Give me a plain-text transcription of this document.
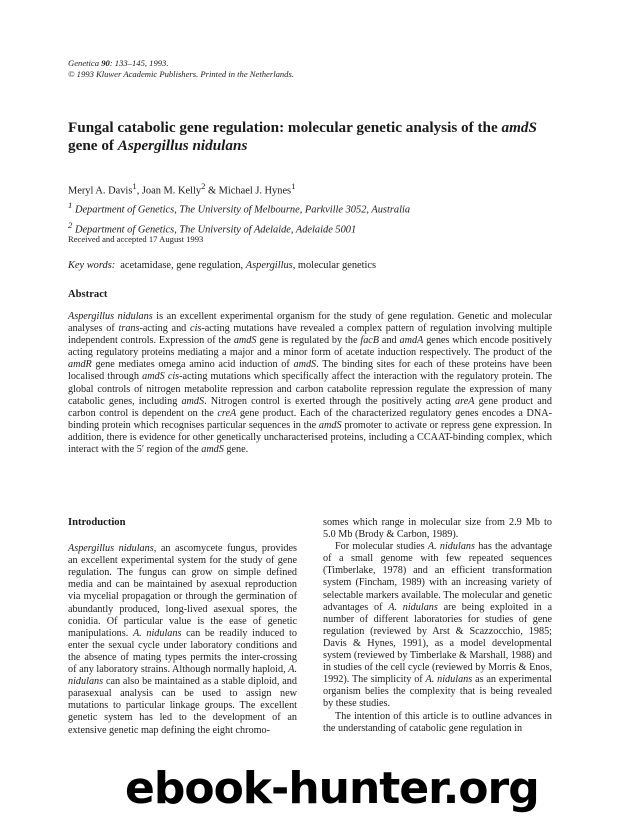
Genetica 90: 133–145, 1993.
© 1993 Kluwer Academic Publishers. Printed in the Netherlands.
Fungal catabolic gene regulation: molecular genetic analysis of the amdS gene of Aspergillus nidulans
Meryl A. Davis$^1$, Joan M. Kelly$^2$ & Michael J. Hynes$^1$
$^1$ Department of Genetics, The University of Melbourne, Parkville 3052, Australia
$^2$ Department of Genetics, The University of Adelaide, Adelaide 5001
Received and accepted 17 August 1993
Key words: acetamidase, gene regulation, Aspergillus, molecular genetics
Abstract
Aspergillus nidulans is an excellent experimental organism for the study of gene regulation. Genetic and molecular analyses of trans-acting and cis-acting mutations have revealed a complex pattern of regulation involving multiple independent controls. Expression of the amdS gene is regulated by the facB and amdA genes which encode positively acting regulatory proteins mediating a major and a minor form of acetate induction respectively. The product of the amdR gene mediates omega amino acid induction of amdS. The binding sites for each of these proteins have been localised through amdS cis-acting mutations which specifically affect the interaction with the regulatory protein. The global controls of nitrogen metabolite repression and carbon catabolite repression regulate the expression of many catabolic genes, including amdS. Nitrogen control is exerted through the positively acting areA gene product and carbon control is dependent on the creA gene product. Each of the characterized regulatory genes encodes a DNA-binding protein which recognises particular sequences in the amdS promoter to activate or repress gene expression. In addition, there is evidence for other genetically uncharacterised proteins, including a CCAAT-binding complex, which interact with the 5′ region of the amdS gene.
Introduction

Aspergillus nidulans, an ascomycete fungus, provides an excellent experimental system for the study of gene regulation. The fungus can grow on simple defined media and can be maintained by asexual reproduction via mycelial propagation or through the germination of abundantly produced, long-lived asexual spores, the conidia. Of particular value is the ease of genetic manipulations. A. nidulans can be readily induced to enter the sexual cycle under laboratory conditions and the absence of mating types permits the inter-crossing of any laboratory strains. Although normally haploid, A. nidulans can also be maintained as a stable diploid, and parasexual analysis can be used to assign new mutations to particular linkage groups. The excellent genetic system has led to the development of an extensive genetic map defining the eight chromo-

somes which range in molecular size from 2.9 Mb to 5.0 Mb (Brody & Carbon, 1989).

For molecular studies A. nidulans has the advantage of a small genome with few repeated sequences (Timberlake, 1978) and an efficient transformation system (Fincham, 1989) with an increasing variety of selectable markers available. The molecular and genetic advantages of A. nidulans are being exploited in a number of different laboratories for studies of gene regulation (reviewed by Arst & Scazzocchio, 1985; Davis & Hynes, 1991), as a model developmental system (reviewed by Timberlake & Marshall, 1988) and in studies of the cell cycle (reviewed by Morris & Enos, 1992). The simplicity of A. nidulans as an experimental organism belies the complexity that is being revealed by these studies.

The intention of this article is to outline advances in the understanding of catabolic gene regulation in

ebook-hunter.org
